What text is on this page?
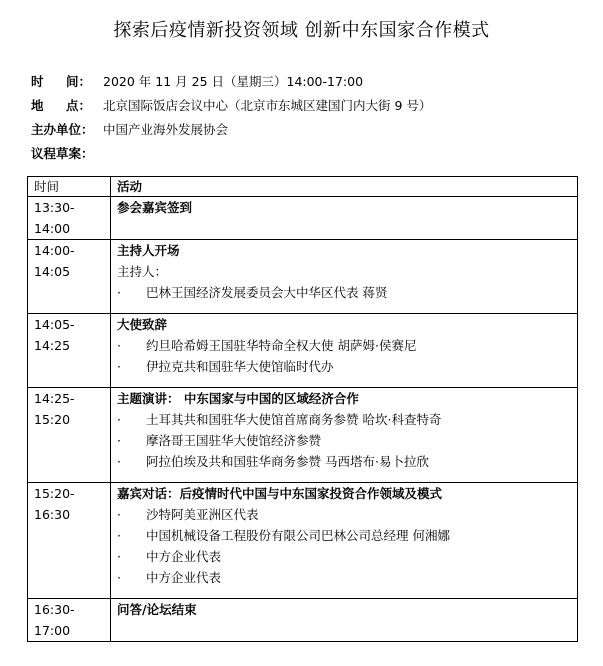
探索后疫情新投资领域 创新中东国家合作模式
时 间： 2020 年 11 月 25 日（星期三）14:00-17:00
地 点： 北京国际饭店会议中心（北京市东城区建国门内大街 9 号）
主办单位： 中国产业海外发展协会
议程草案：
时间	活动
13:30-14:00	参会嘉宾签到

14:00-14:05	主持人开场
主持人：
· 巴林王国经济发展委员会大中华区代表 蒋贤

14:05-14:25	大使致辞
· 约旦哈希姆王国驻华特命全权大使 胡萨姆·侯赛尼
· 伊拉克共和国驻华大使馆临时代办

14:25-15:20	主题演讲： 中东国家与中国的区域经济合作
· 土耳其共和国驻华大使馆首席商务参赞 哈坎·科查特奇
· 摩洛哥王国驻华大使馆经济参赞
· 阿拉伯埃及共和国驻华商务参赞 马西塔布·易卜拉欣

15:20-16:30	嘉宾对话：后疫情时代中国与中东国家投资合作领域及模式
· 沙特阿美亚洲区代表
· 中国机械设备工程股份有限公司巴林公司总经理 何湘娜
· 中方企业代表
· 中方企业代表

16:30-17:00	问答/论坛结束
